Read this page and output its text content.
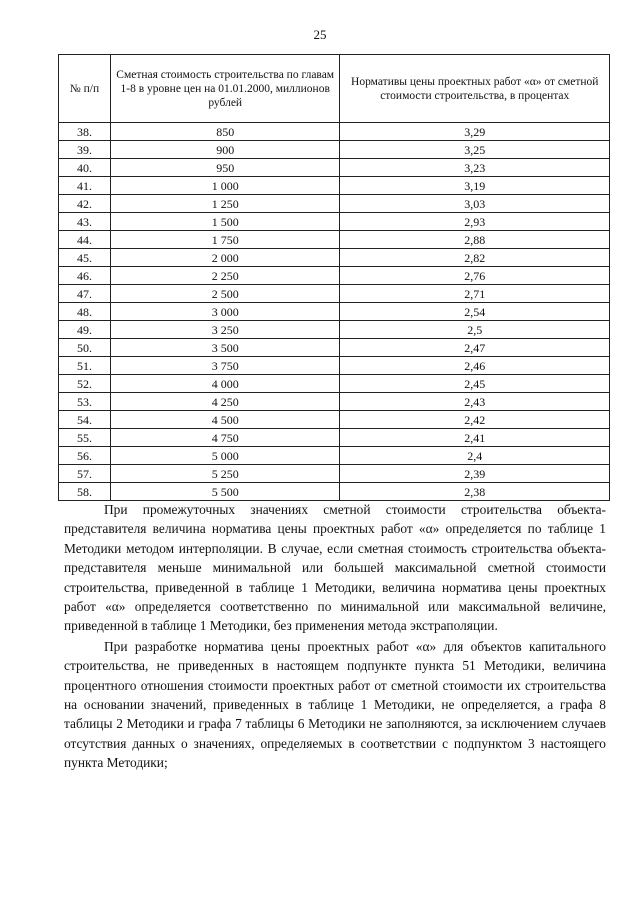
25
№ п/п	Сметная стоимость строительства по главам 1-8 в уровне цен на 01.01.2000, миллионов рублей	Нормативы цены проектных работ «α» от сметной стоимости строительства, в процентах
38.	850	3,29
39.	900	3,25
40.	950	3,23
41.	1 000	3,19
42.	1 250	3,03
43.	1 500	2,93
44.	1 750	2,88
45.	2 000	2,82
46.	2 250	2,76
47.	2 500	2,71
48.	3 000	2,54
49.	3 250	2,5
50.	3 500	2,47
51.	3 750	2,46
52.	4 000	2,45
53.	4 250	2,43
54.	4 500	2,42
55.	4 750	2,41
56.	5 000	2,4
57.	5 250	2,39
58.	5 500	2,38

При промежуточных значениях сметной стоимости строительства объекта-представителя величина норматива цены проектных работ «α» определяется по таблице 1 Методики методом интерполяции. В случае, если сметная стоимость строительства объекта-представителя меньше минимальной или большей максимальной сметной стоимости строительства, приведенной в таблице 1 Методики, величина норматива цены проектных работ «α» определяется соответственно по минимальной или максимальной величине, приведенной в таблице 1 Методики, без применения метода экстраполяции.

При разработке норматива цены проектных работ «α» для объектов капитального строительства, не приведенных в настоящем подпункте пункта 51 Методики, величина процентного отношения стоимости проектных работ от сметной стоимости их строительства на основании значений, приведенных в таблице 1 Методики, не определяется, а графа 8 таблицы 2 Методики и графа 7 таблицы 6 Методики не заполняются, за исключением случаев отсутствия данных о значениях, определяемых в соответствии с подпунктом 3 настоящего пункта Методики;
